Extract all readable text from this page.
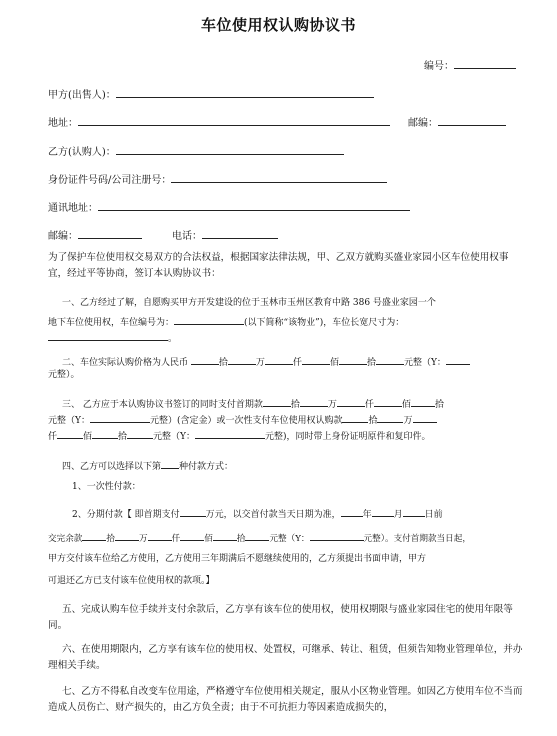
车位使用权认购协议书
编号：
甲方(出售人)：
地址：	邮编：
乙方(认购人)：
身份证件号码/公司注册号：
通讯地址：
邮编：	电话：
为了保护车位使用权交易双方的合法权益，根据国家法律法规，甲、乙双方就购买盛业家园小区车位使用权事宜，经过平等协商，签订本认购协议书：
一、乙方经过了解，自愿购买甲方开发建设的位于玉林市玉州区教育中路 386 号盛业家园一个
地下车位使用权，车位编号为：	(以下简称“该物业”)，车位长宽尺寸为：
。
二、车位实际认购价格为人民币	拾	万	仟	佰	拾	元整（Y：
元整）。
三、 乙方应于本认购协议书签订的同时支付首期款	拾	万	仟	佰	拾
元整（Y：	元整）(含定金）或一次性支付车位使用权认购款	拾	万
仟	佰	拾	元整（Y：	元整)，同时带上身份证明原件和复印件。
四、乙方可以选择以下第 种付款方式：
1、一次性付款：
2、分期付款【 即首期支付	万元，以交首付款当天日期为准， 年 月 日前
交完余款	拾	万	仟	佰	拾	元整（Y：	元整）。支付首期款当日起，
甲方交付该车位给乙方使用，乙方使用三年期满后不愿继续使用的，乙方须提出书面申请，甲方
可退还乙方已支付该车位使用权的款项。】
五、完成认购车位手续并支付余款后，乙方享有该车位的使用权，使用权期限与盛业家园住宅的使用年限等同。
六、在使用期限内，乙方享有该车位的使用权、处置权，可继承、转让、租赁，但须告知物业管理单位，并办理相关手续。
七、乙方不得私自改变车位用途，严格遵守车位使用相关规定，服从小区物业管理。如因乙方使用车位不当而造成人员伤亡、财产损失的，由乙方负全责；由于不可抗拒力等因素造成损失的，
